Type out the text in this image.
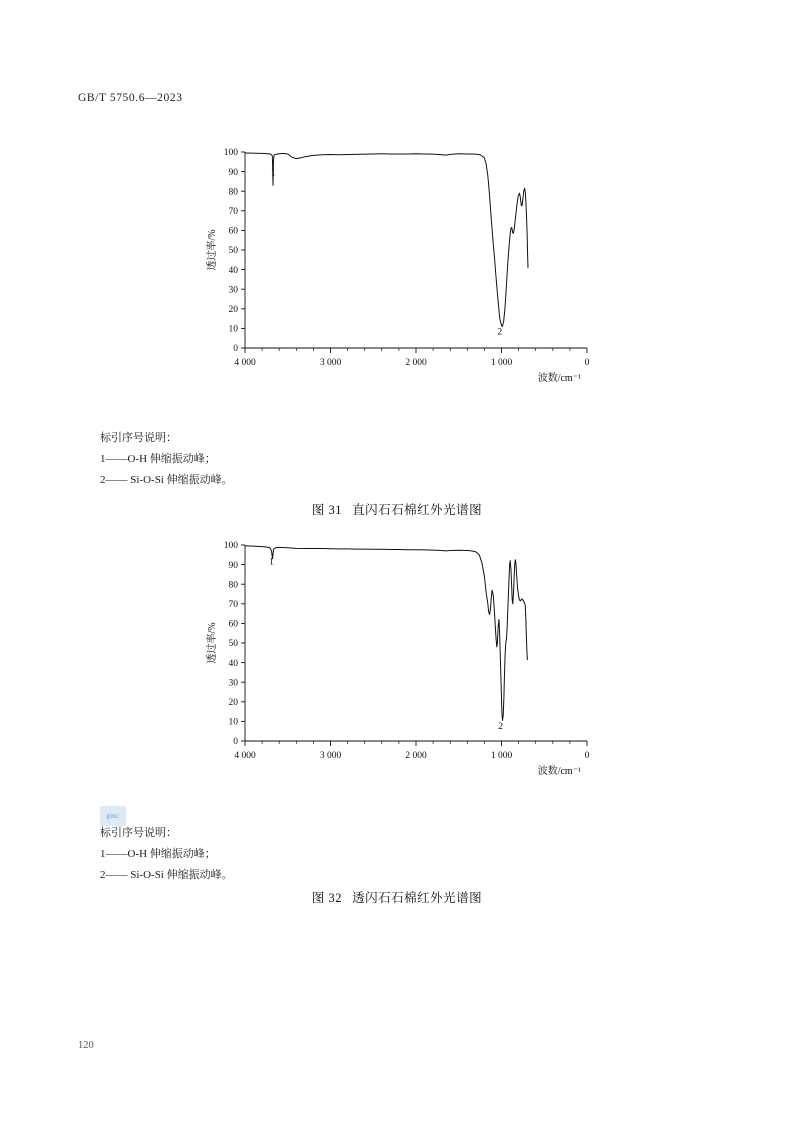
GB/T 5750.6—2023
0
10
20
30
40
50
60
70
80
90
100
4 000	3 000	2 000	1 000	0
1
2
透过率/%
波数/cm⁻¹
标引序号说明：
1——O-H 伸缩振动峰；
2—— Si-O-Si 伸缩振动峰。
图 31 直闪石石棉红外光谱图
0
10
20
30
40
50
60
70
80
90
100
4 000	3 000	2 000	1 000	0
1
2
透过率/%
波数/cm⁻¹
gmc
标引序号说明：
1——O-H 伸缩振动峰；
2—— Si-O-Si 伸缩振动峰。
图 32 透闪石石棉红外光谱图
120
